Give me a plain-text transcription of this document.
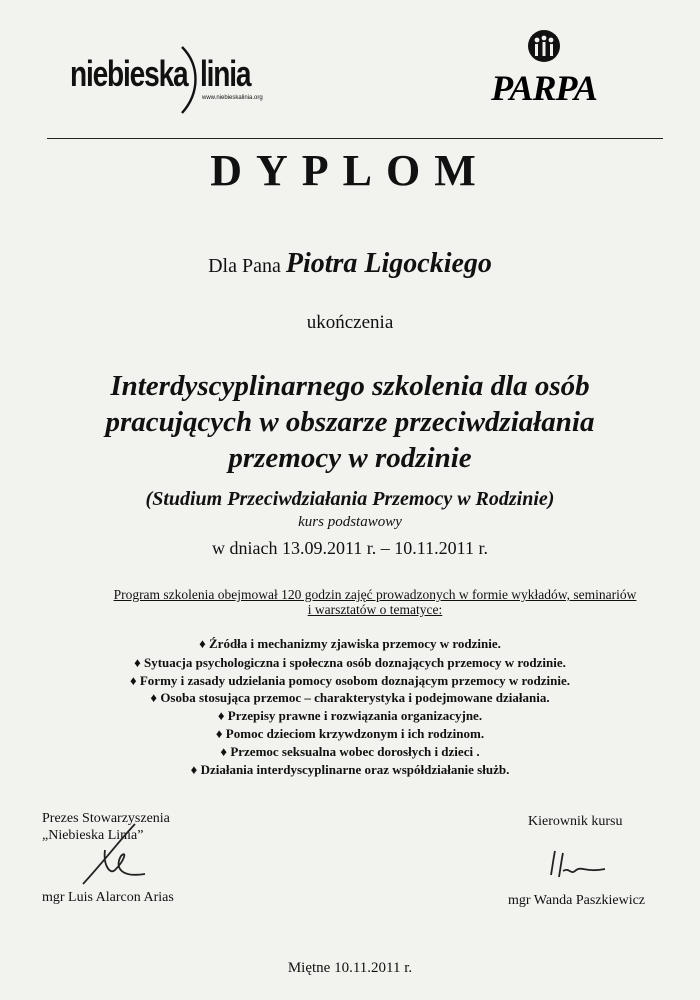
niebieska linia
www.niebieskalinia.org	PARPA
DYPLOM
Dla Pana Piotra Ligockiego
ukończenia
Interdyscyplinarnego szkolenia dla osób
pracujących w obszarze przeciwdziałania
przemocy w rodzinie
(Studium Przeciwdziałania Przemocy w Rodzinie)
kurs podstawowy
w dniach 13.09.2011 r. – 10.11.2011 r.
Program szkolenia obejmował 120 godzin zajęć prowadzonych w formie wykładów, seminariów
i warsztatów o tematyce:
♦ Źródła i mechanizmy zjawiska przemocy w rodzinie.
♦ Sytuacja psychologiczna i społeczna osób doznających przemocy w rodzinie.
♦ Formy i zasady udzielania pomocy osobom doznającym przemocy w rodzinie.
♦ Osoba stosująca przemoc – charakterystyka i podejmowane działania.
♦ Przepisy prawne i rozwiązania organizacyjne.
♦ Pomoc dzieciom krzywdzonym i ich rodzinom.
♦ Przemoc seksualna wobec dorosłych i dzieci .
♦ Działania interdyscyplinarne oraz współdziałanie służb.
Prezes Stowarzyszenia
„Niebieska Linia”
mgr Luis Alarcon Arias
Kierownik kursu
mgr Wanda Paszkiewicz
Miętne 10.11.2011 r.
